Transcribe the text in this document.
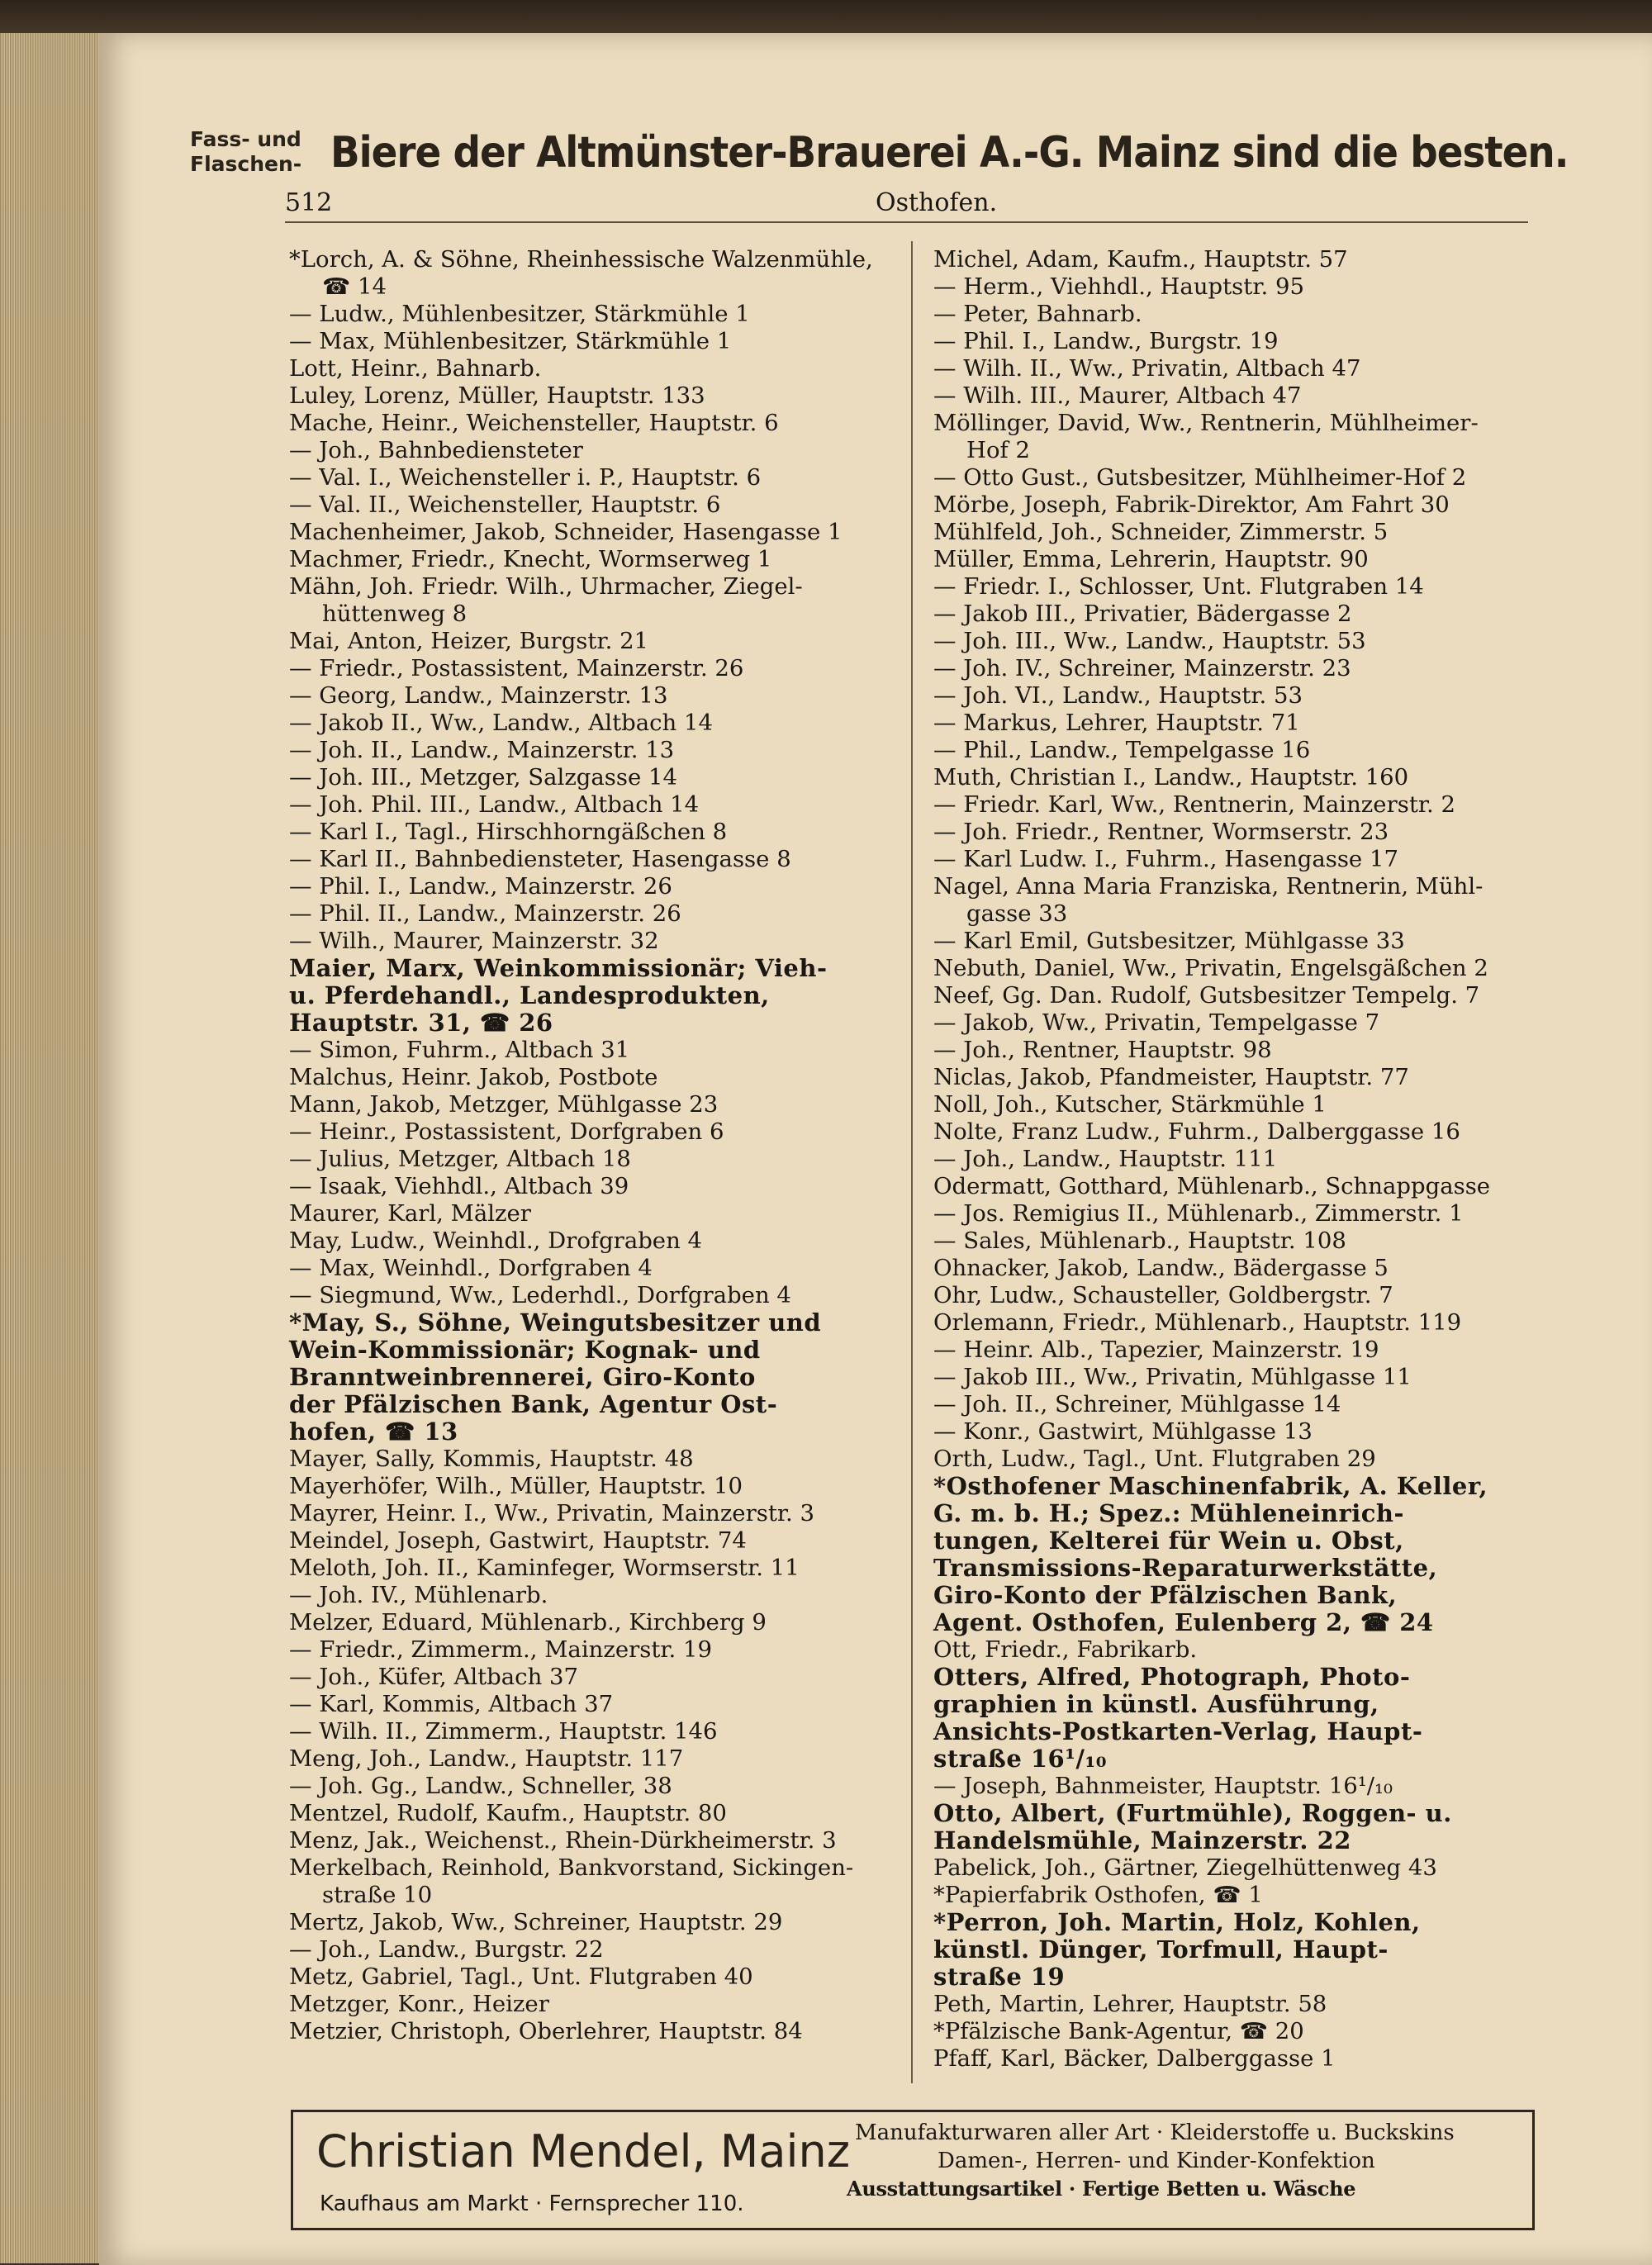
Fass- und
Flaschen- Biere der Altmünster-Brauerei A.-G. Mainz sind die besten.
512	Osthofen.
*Lorch, A. & Söhne, Rheinhessische Walzenmühle,
☎ 14
— Ludw., Mühlenbesitzer, Stärkmühle 1
— Max, Mühlenbesitzer, Stärkmühle 1
Lott, Heinr., Bahnarb.
Luley, Lorenz, Müller, Hauptstr. 133
Mache, Heinr., Weichensteller, Hauptstr. 6
— Joh., Bahnbediensteter
— Val. I., Weichensteller i. P., Hauptstr. 6
— Val. II., Weichensteller, Hauptstr. 6
Machenheimer, Jakob, Schneider, Hasengasse 1
Machmer, Friedr., Knecht, Wormserweg 1
Mähn, Joh. Friedr. Wilh., Uhrmacher, Ziegel-
hüttenweg 8
Mai, Anton, Heizer, Burgstr. 21
— Friedr., Postassistent, Mainzerstr. 26
— Georg, Landw., Mainzerstr. 13
— Jakob II., Ww., Landw., Altbach 14
— Joh. II., Landw., Mainzerstr. 13
— Joh. III., Metzger, Salzgasse 14
— Joh. Phil. III., Landw., Altbach 14
— Karl I., Tagl., Hirschhorngäßchen 8
— Karl II., Bahnbediensteter, Hasengasse 8
— Phil. I., Landw., Mainzerstr. 26
— Phil. II., Landw., Mainzerstr. 26
— Wilh., Maurer, Mainzerstr. 32
Maier, Marx, Weinkommissionär; Vieh-
u. Pferdehandl., Landesprodukten,
Hauptstr. 31, ☎ 26
— Simon, Fuhrm., Altbach 31
Malchus, Heinr. Jakob, Postbote
Mann, Jakob, Metzger, Mühlgasse 23
— Heinr., Postassistent, Dorfgraben 6
— Julius, Metzger, Altbach 18
— Isaak, Viehhdl., Altbach 39
Maurer, Karl, Mälzer
May, Ludw., Weinhdl., Drofgraben 4
— Max, Weinhdl., Dorfgraben 4
— Siegmund, Ww., Lederhdl., Dorfgraben 4
*May, S., Söhne, Weingutsbesitzer und
Wein-Kommissionär; Kognak- und
Branntweinbrennerei, Giro-Konto
der Pfälzischen Bank, Agentur Ost-
hofen, ☎ 13
Mayer, Sally, Kommis, Hauptstr. 48
Mayerhöfer, Wilh., Müller, Hauptstr. 10
Mayrer, Heinr. I., Ww., Privatin, Mainzerstr. 3
Meindel, Joseph, Gastwirt, Hauptstr. 74
Meloth, Joh. II., Kaminfeger, Wormserstr. 11
— Joh. IV., Mühlenarb.
Melzer, Eduard, Mühlenarb., Kirchberg 9
— Friedr., Zimmerm., Mainzerstr. 19
— Joh., Küfer, Altbach 37
— Karl, Kommis, Altbach 37
— Wilh. II., Zimmerm., Hauptstr. 146
Meng, Joh., Landw., Hauptstr. 117
— Joh. Gg., Landw., Schneller, 38
Mentzel, Rudolf, Kaufm., Hauptstr. 80
Menz, Jak., Weichenst., Rhein-Dürkheimerstr. 3
Merkelbach, Reinhold, Bankvorstand, Sickingen-
straße 10
Mertz, Jakob, Ww., Schreiner, Hauptstr. 29
— Joh., Landw., Burgstr. 22
Metz, Gabriel, Tagl., Unt. Flutgraben 40
Metzger, Konr., Heizer
Metzier, Christoph, Oberlehrer, Hauptstr. 84
Michel, Adam, Kaufm., Hauptstr. 57
— Herm., Viehhdl., Hauptstr. 95
— Peter, Bahnarb.
— Phil. I., Landw., Burgstr. 19
— Wilh. II., Ww., Privatin, Altbach 47
— Wilh. III., Maurer, Altbach 47
Möllinger, David, Ww., Rentnerin, Mühlheimer-
Hof 2
— Otto Gust., Gutsbesitzer, Mühlheimer-Hof 2
Mörbe, Joseph, Fabrik-Direktor, Am Fahrt 30
Mühlfeld, Joh., Schneider, Zimmerstr. 5
Müller, Emma, Lehrerin, Hauptstr. 90
— Friedr. I., Schlosser, Unt. Flutgraben 14
— Jakob III., Privatier, Bädergasse 2
— Joh. III., Ww., Landw., Hauptstr. 53
— Joh. IV., Schreiner, Mainzerstr. 23
— Joh. VI., Landw., Hauptstr. 53
— Markus, Lehrer, Hauptstr. 71
— Phil., Landw., Tempelgasse 16
Muth, Christian I., Landw., Hauptstr. 160
— Friedr. Karl, Ww., Rentnerin, Mainzerstr. 2
— Joh. Friedr., Rentner, Wormserstr. 23
— Karl Ludw. I., Fuhrm., Hasengasse 17
Nagel, Anna Maria Franziska, Rentnerin, Mühl-
gasse 33
— Karl Emil, Gutsbesitzer, Mühlgasse 33
Nebuth, Daniel, Ww., Privatin, Engelsgäßchen 2
Neef, Gg. Dan. Rudolf, Gutsbesitzer Tempelg. 7
— Jakob, Ww., Privatin, Tempelgasse 7
— Joh., Rentner, Hauptstr. 98
Niclas, Jakob, Pfandmeister, Hauptstr. 77
Noll, Joh., Kutscher, Stärkmühle 1
Nolte, Franz Ludw., Fuhrm., Dalberggasse 16
— Joh., Landw., Hauptstr. 111
Odermatt, Gotthard, Mühlenarb., Schnappgasse
— Jos. Remigius II., Mühlenarb., Zimmerstr. 1
— Sales, Mühlenarb., Hauptstr. 108
Ohnacker, Jakob, Landw., Bädergasse 5
Ohr, Ludw., Schausteller, Goldbergstr. 7
Orlemann, Friedr., Mühlenarb., Hauptstr. 119
— Heinr. Alb., Tapezier, Mainzerstr. 19
— Jakob III., Ww., Privatin, Mühlgasse 11
— Joh. II., Schreiner, Mühlgasse 14
— Konr., Gastwirt, Mühlgasse 13
Orth, Ludw., Tagl., Unt. Flutgraben 29
*Osthofener Maschinenfabrik, A. Keller,
G. m. b. H.; Spez.: Mühleneinrich-
tungen, Kelterei für Wein u. Obst,
Transmissions-Reparaturwerkstätte,
Giro-Konto der Pfälzischen Bank,
Agent. Osthofen, Eulenberg 2, ☎ 24
Ott, Friedr., Fabrikarb.
Otters, Alfred, Photograph, Photo-
graphien in künstl. Ausführung,
Ansichts-Postkarten-Verlag, Haupt-
straße 16¹/₁₀
— Joseph, Bahnmeister, Hauptstr. 16¹/₁₀
Otto, Albert, (Furtmühle), Roggen- u.
Handelsmühle, Mainzerstr. 22
Pabelick, Joh., Gärtner, Ziegelhüttenweg 43
*Papierfabrik Osthofen, ☎ 1
*Perron, Joh. Martin, Holz, Kohlen,
künstl. Dünger, Torfmull, Haupt-
straße 19
Peth, Martin, Lehrer, Hauptstr. 58
*Pfälzische Bank-Agentur, ☎ 20
Pfaff, Karl, Bäcker, Dalberggasse 1
Christian Mendel, Mainz
Kaufhaus am Markt · Fernsprecher 110.
Manufakturwaren aller Art · Kleiderstoffe u. Buckskins
Damen-, Herren- und Kinder-Konfektion
Ausstattungsartikel · Fertige Betten u. Wäsche
